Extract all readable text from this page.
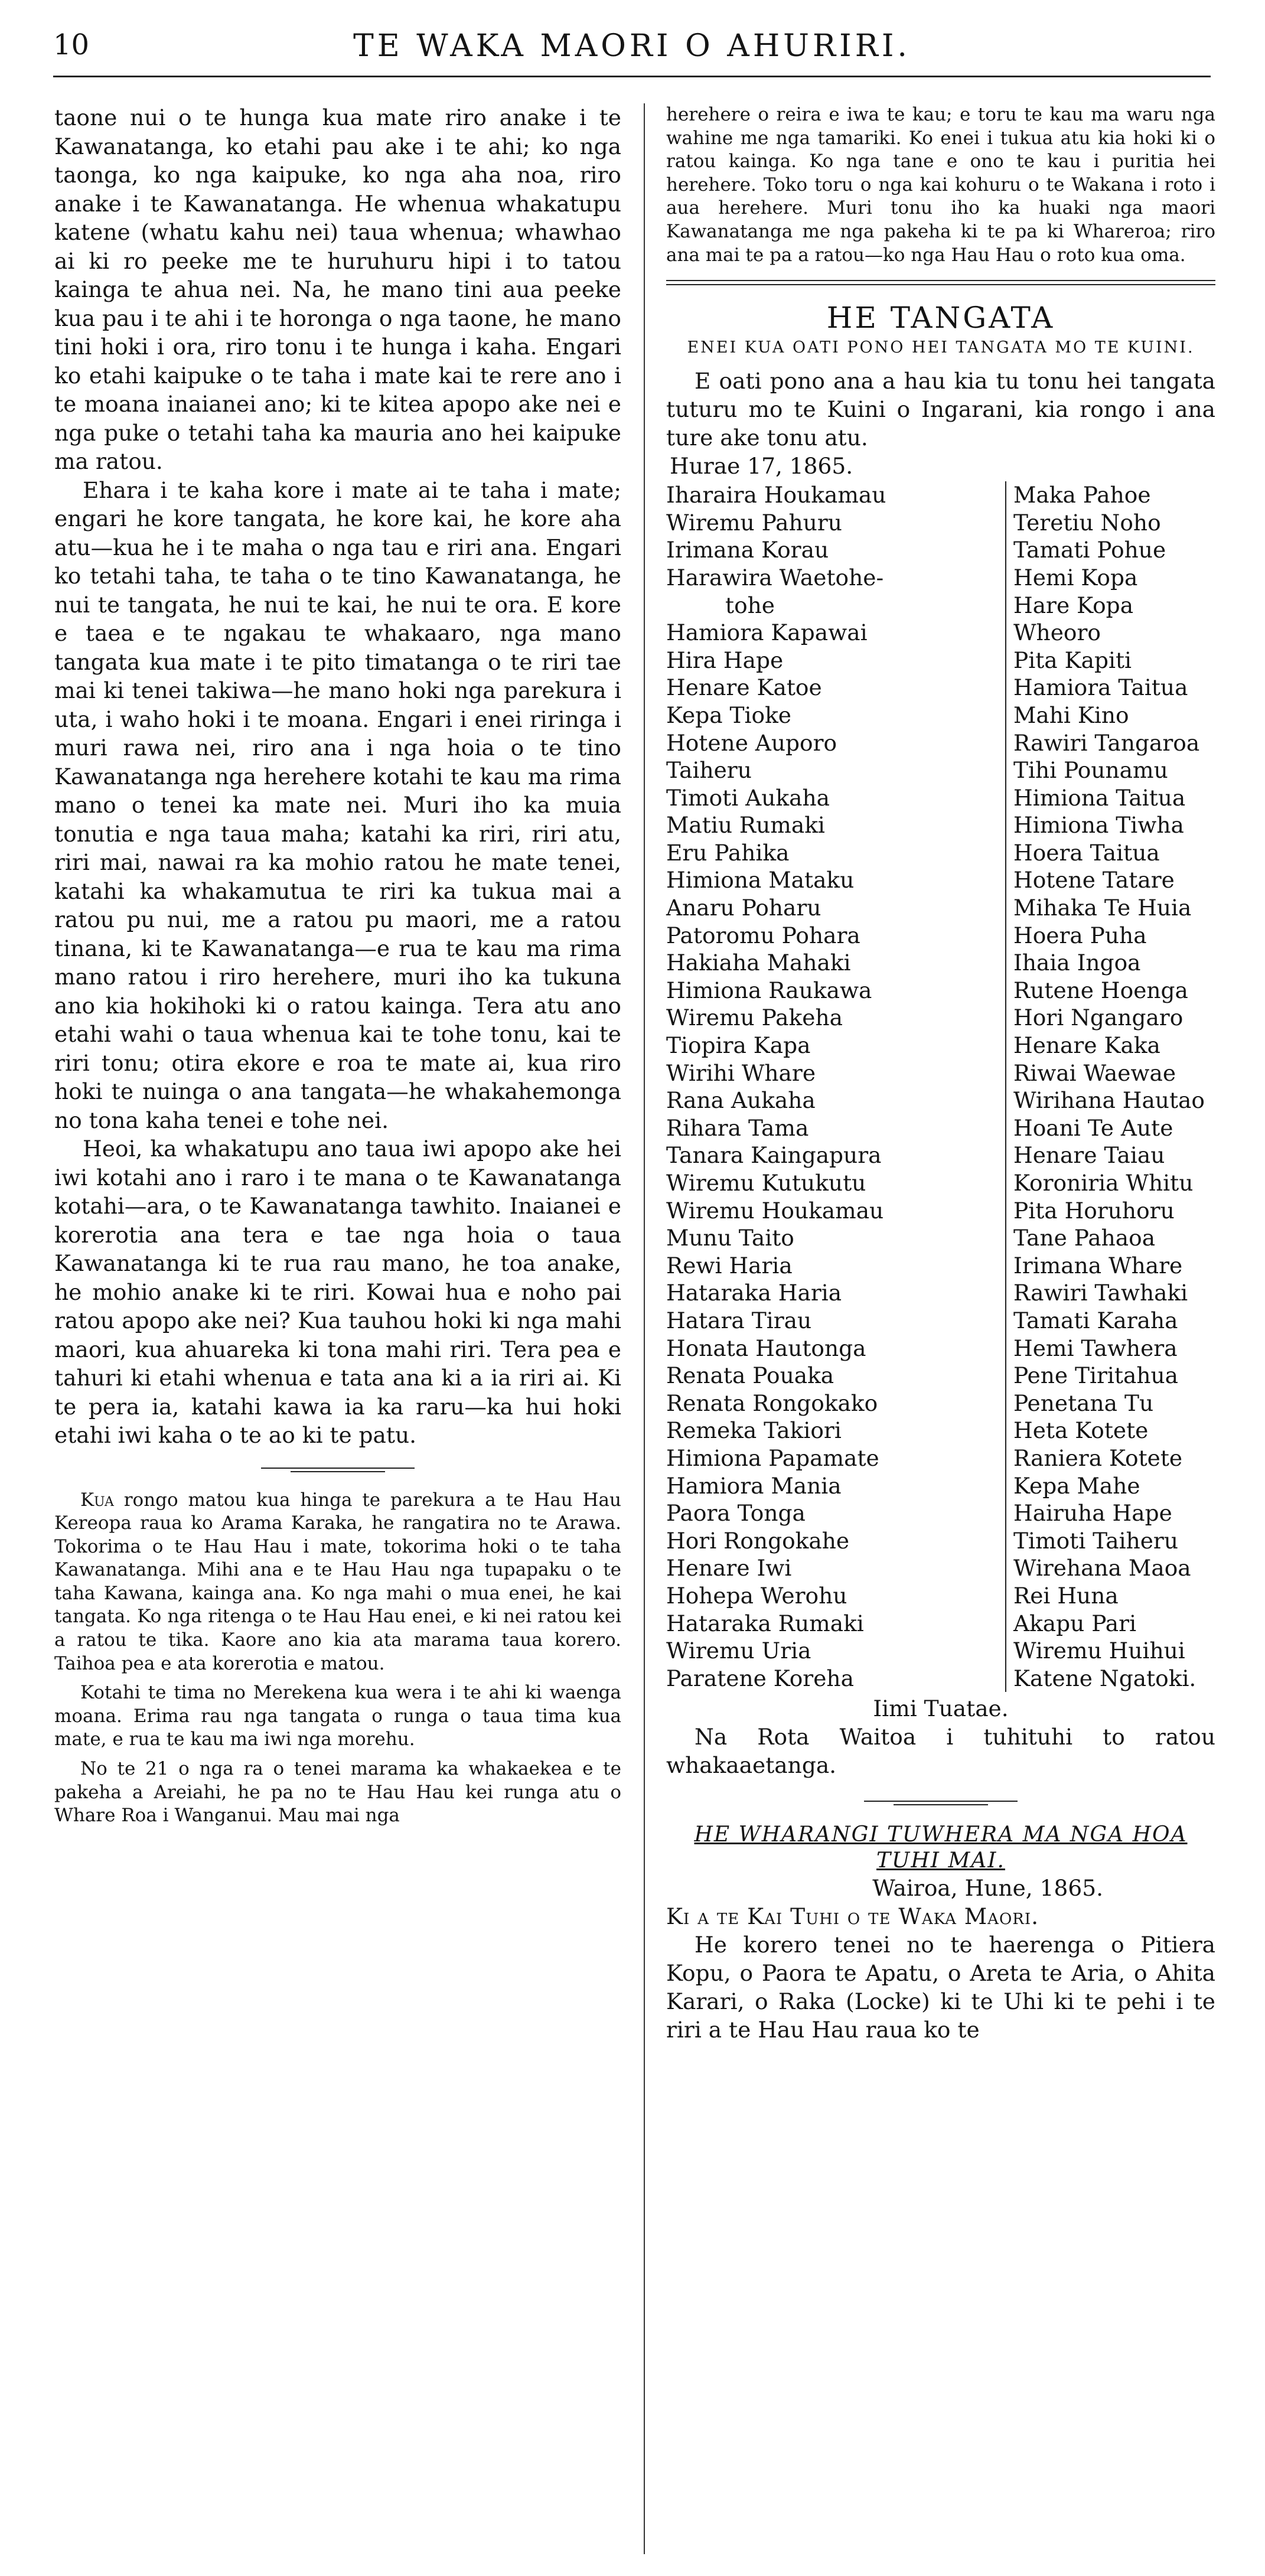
10	TE WAKA MAORI O AHURIRI.

taone nui o te hunga kua mate riro anake i te Kawanatanga, ko etahi pau ake i te ahi; ko nga taonga, ko nga kaipuke, ko nga aha noa, riro anake i te Kawanatanga. He whenua whakatupu katene (whatu kahu nei) taua whenua; whawhao ai ki ro peeke me te huruhuru hipi i to tatou kainga te ahua nei. Na, he mano tini aua peeke kua pau i te ahi i te horonga o nga taone, he mano tini hoki i ora, riro tonu i te hunga i kaha. Engari ko etahi kaipuke o te taha i mate kai te rere ano i te moana inaianei ano; ki te kitea apopo ake nei e nga puke o tetahi taha ka mauria ano hei kaipuke ma ratou.

Ehara i te kaha kore i mate ai te taha i mate; engari he kore tangata, he kore kai, he kore aha atu—kua he i te maha o nga tau e riri ana. Engari ko tetahi taha, te taha o te tino Kawanatanga, he nui te tangata, he nui te kai, he nui te ora. E kore e taea e te ngakau te whakaaro, nga mano tangata kua mate i te pito timatanga o te riri tae mai ki tenei takiwa—he mano hoki nga parekura i uta, i waho hoki i te moana. Engari i enei riringa i muri rawa nei, riro ana i nga hoia o te tino Kawanatanga nga herehere kotahi te kau ma rima mano o tenei ka mate nei. Muri iho ka muia tonutia e nga taua maha; katahi ka riri, riri atu, riri mai, nawai ra ka mohio ratou he mate tenei, katahi ka whakamutua te riri ka tukua mai a ratou pu nui, me a ratou pu maori, me a ratou tinana, ki te Kawanatanga—e rua te kau ma rima mano ratou i riro herehere, muri iho ka tukuna ano kia hokihoki ki o ratou kainga. Tera atu ano etahi wahi o taua whenua kai te tohe tonu, kai te riri tonu; otira ekore e roa te mate ai, kua riro hoki te nuinga o ana tangata—he whakahemonga no tona kaha tenei e tohe nei.

Heoi, ka whakatupu ano taua iwi apopo ake hei iwi kotahi ano i raro i te mana o te Kawanatanga kotahi—ara, o te Kawanatanga tawhito. Inaianei e korerotia ana tera e tae nga hoia o taua Kawanatanga ki te rua rau mano, he toa anake, he mohio anake ki te riri. Kowai hua e noho pai ratou apopo ake nei? Kua tauhou hoki ki nga mahi maori, kua ahuareka ki tona mahi riri. Tera pea e tahuri ki etahi whenua e tata ana ki a ia riri ai. Ki te pera ia, katahi kawa ia ka raru—ka hui hoki etahi iwi kaha o te ao ki te patu.

Kua rongo matou kua hinga te parekura a te Hau Hau Kereopa raua ko Arama Karaka, he rangatira no te Arawa. Tokorima o te Hau Hau i mate, tokorima hoki o te taha Kawanatanga. Mihi ana e te Hau Hau nga tupapaku o te taha Kawana, kainga ana. Ko nga mahi o mua enei, he kai tangata. Ko nga ritenga o te Hau Hau enei, e ki nei ratou kei a ratou te tika. Kaore ano kia ata marama taua korero. Taihoa pea e ata korerotia e matou.

Kotahi te tima no Merekena kua wera i te ahi ki waenga moana. Erima rau nga tangata o runga o taua tima kua mate, e rua te kau ma iwi nga morehu.

No te 21 o nga ra o tenei marama ka whakaekea e te pakeha a Areiahi, he pa no te Hau Hau kei runga atu o Whare Roa i Wanganui. Mau mai nga

herehere o reira e iwa te kau; e toru te kau ma waru nga wahine me nga tamariki. Ko enei i tukua atu kia hoki ki o ratou kainga. Ko nga tane e ono te kau i puritia hei herehere. Toko toru o nga kai kohuru o te Wakana i roto i aua herehere. Muri tonu iho ka huaki nga maori Kawanatanga me nga pakeha ki te pa ki Whareroa; riro ana mai te pa a ratou—ko nga Hau Hau o roto kua oma.

HE TANGATA
ENEI KUA OATI PONO HEI TANGATA MO TE KUINI.

E oati pono ana a hau kia tu tonu hei tangata tuturu mo te Kuini o Ingarani, kia rongo i ana ture ake tonu atu.

Hurae 17, 1865.
Iharaira Houkamau	Maka Pahoe
Wiremu Pahuru	Teretiu Noho
Irimana Korau	Tamati Pohue
Harawira Waetohe-	Hemi Kopa
tohe	Hare Kopa
Hamiora Kapawai	Wheoro
Hira Hape	Pita Kapiti
Henare Katoe	Hamiora Taitua
Kepa Tioke	Mahi Kino
Hotene Auporo	Rawiri Tangaroa
Taiheru	Tihi Pounamu
Timoti Aukaha	Himiona Taitua
Matiu Rumaki	Himiona Tiwha
Eru Pahika	Hoera Taitua
Himiona Mataku	Hotene Tatare
Anaru Poharu	Mihaka Te Huia
Patoromu Pohara	Hoera Puha
Hakiaha Mahaki	Ihaia Ingoa
Himiona Raukawa	Rutene Hoenga
Wiremu Pakeha	Hori Ngangaro
Tiopira Kapa	Henare Kaka
Wirihi Whare	Riwai Waewae
Rana Aukaha	Wirihana Hautao
Rihara Tama	Hoani Te Aute
Tanara Kaingapura	Henare Taiau
Wiremu Kutukutu	Koroniria Whitu
Wiremu Houkamau	Pita Horuhoru
Munu Taito	Tane Pahaoa
Rewi Haria	Irimana Whare
Hataraka Haria	Rawiri Tawhaki
Hatara Tirau	Tamati Karaha
Honata Hautonga	Hemi Tawhera
Renata Pouaka	Pene Tiritahua
Renata Rongokako	Penetana Tu
Remeka Takiori	Heta Kotete
Himiona Papamate	Raniera Kotete
Hamiora Mania	Kepa Mahe
Paora Tonga	Hairuha Hape
Hori Rongokahe	Timoti Taiheru
Henare Iwi	Wirehana Maoa
Hohepa Werohu	Rei Huna
Hataraka Rumaki	Akapu Pari
Wiremu Uria	Wiremu Huihui
Paratene Koreha	Katene Ngatoki.
Iimi Tuatae.

Na Rota Waitoa i tuhituhi to ratou whakaaetanga.

HE WHARANGI TUWHERA MA NGA HOA TUHI MAI.
Wairoa, Hune, 1865.
Ki a te Kai Tuhi o te Waka Maori.

He korero tenei no te haerenga o Pitiera Kopu, o Paora te Apatu, o Areta te Aria, o Ahita Karari, o Raka (Locke) ki te Uhi ki te pehi i te riri a te Hau Hau raua ko te
